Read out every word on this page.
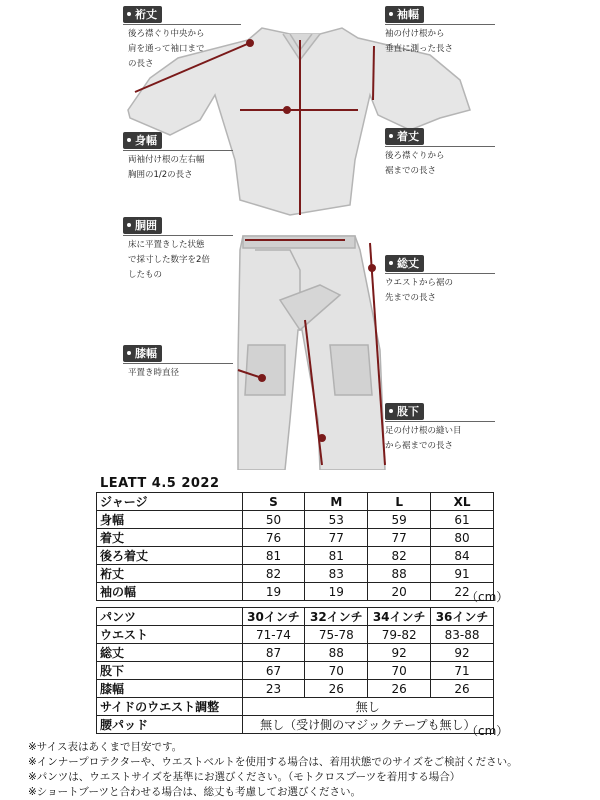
裄丈
後ろ襟ぐり中央から
肩を通って袖口まで
の長さ
袖幅
袖の付け根から
垂直に測った長さ
身幅
両袖付け根の左右幅
胸囲の1/2の長さ
着丈
後ろ襟ぐりから
裾までの長さ
胴囲
床に平置きした状態
で採寸した数字を2倍
したもの
総丈
ウエストから裾の
先までの長さ
膝幅
平置き時直径
股下
足の付け根の縫い目
から裾までの長さ
LEATT 4.5 2022
ジャージ	S	M	L	XL
身幅	50	53	59	61
着丈	76	77	77	80
後ろ着丈	81	81	82	84
裄丈	82	83	88	91
袖の幅	19	19	20	22
（cm）
パンツ	30インチ	32インチ	34インチ	36インチ
ウエスト	71-74	75-78	79-82	83-88
総丈	87	88	92	92
股下	67	70	70	71
膝幅	23	26	26	26
サイドのウエスト調整	無し			
腰パッド	無し（受け側のマジックテープも無し）			
（cm）
※サイス表はあくまで目安です。
※インナープロテクターや、ウエストベルトを使用する場合は、着用状態でのサイズをご検討ください。
※パンツは、ウエストサイズを基準にお選びください。（モトクロスブーツを着用する場合）
※ショートブーツと合わせる場合は、総丈も考慮してお選びください。
